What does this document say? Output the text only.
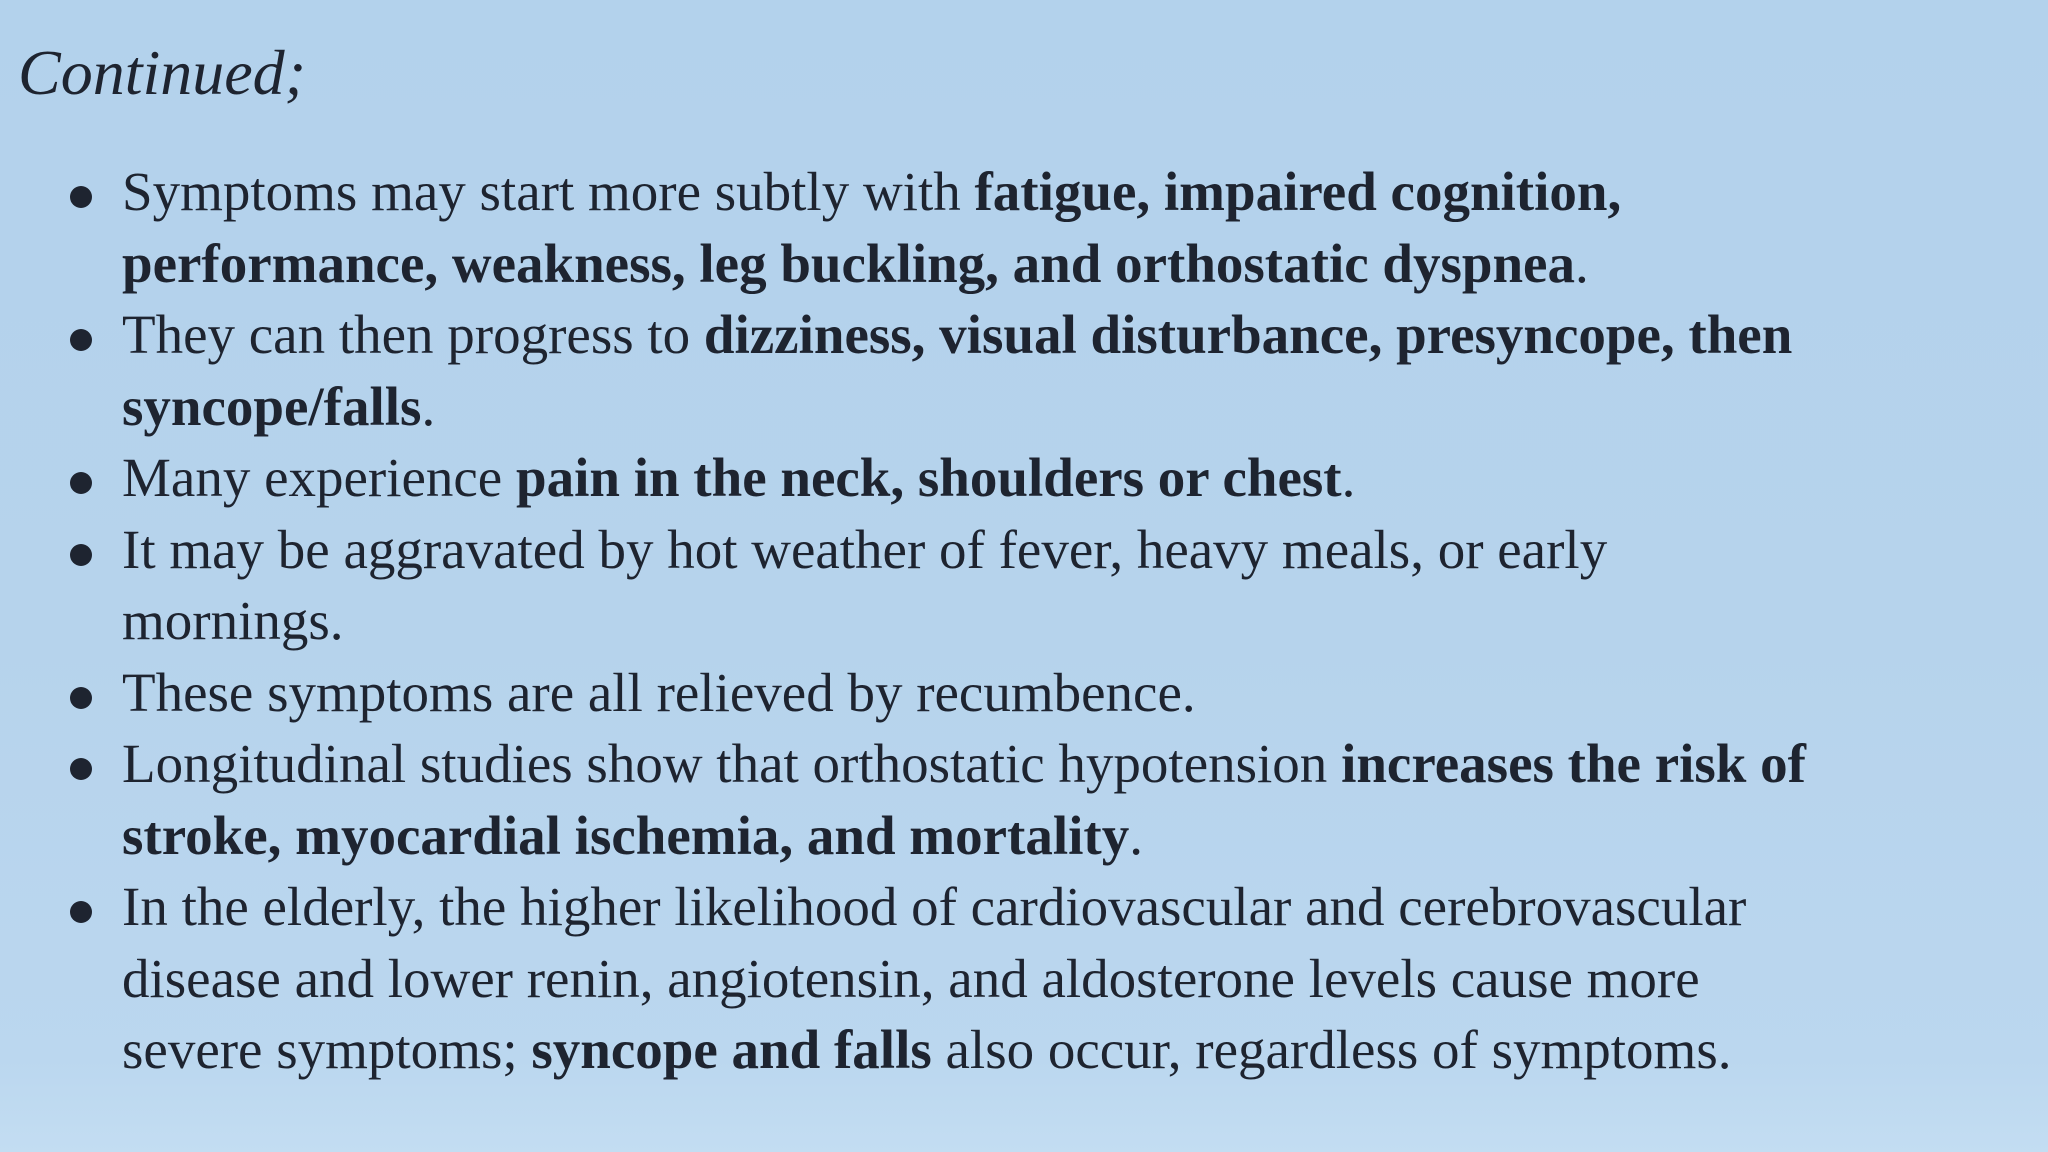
Continued;
Symptoms may start more subtly with fatigue, impaired cognition,
performance, weakness, leg buckling, and orthostatic dyspnea.
They can then progress to dizziness, visual disturbance, presyncope, then
syncope/falls.
Many experience pain in the neck, shoulders or chest.
It may be aggravated by hot weather of fever, heavy meals, or early
mornings.
These symptoms are all relieved by recumbence.
Longitudinal studies show that orthostatic hypotension increases the risk of
stroke, myocardial ischemia, and mortality.
In the elderly, the higher likelihood of cardiovascular and cerebrovascular
disease and lower renin, angiotensin, and aldosterone levels cause more
severe symptoms; syncope and falls also occur, regardless of symptoms.
